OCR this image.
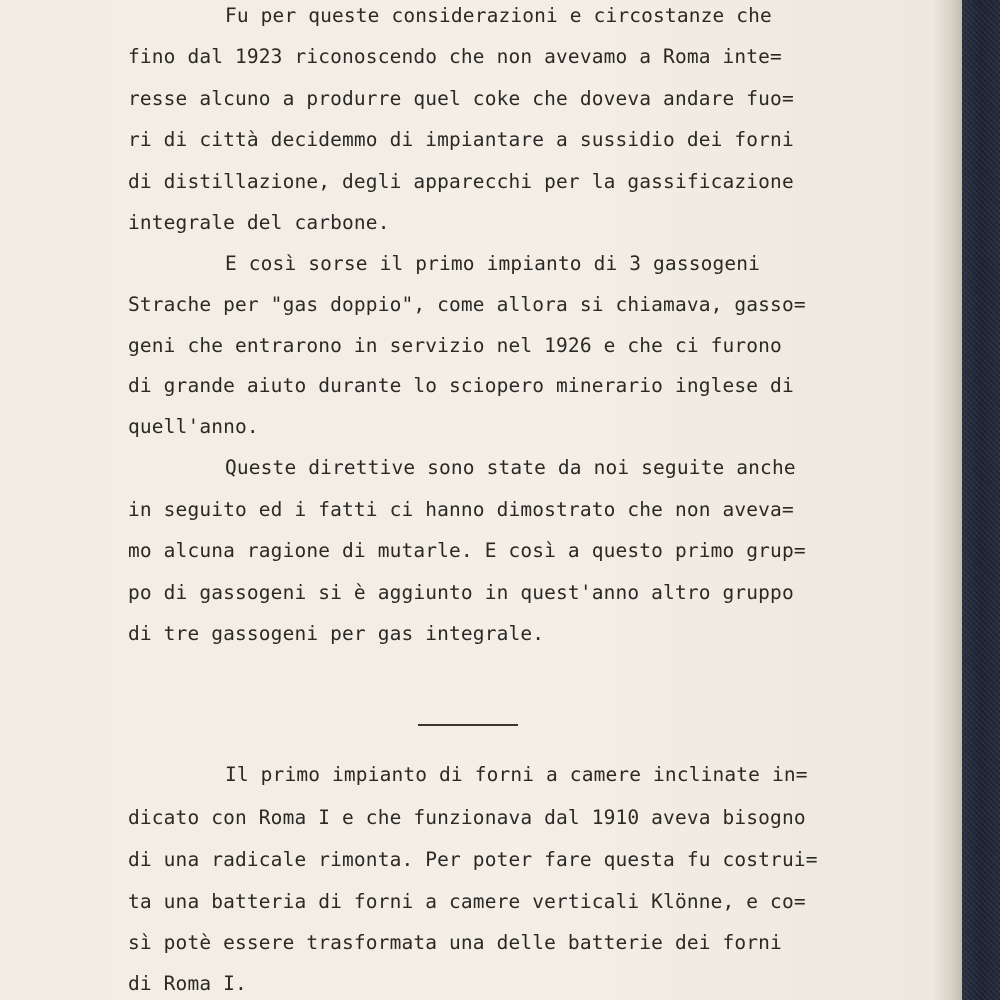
Fu per queste considerazioni e circostanze che

fino dal 1923 riconoscendo che non avevamo a Roma inte=

resse alcuno a produrre quel coke che doveva andare fuo=

ri di città decidemmo di impiantare a sussidio dei forni

di distillazione, degli apparecchi per la gassificazione

integrale del carbone.

E così sorse il primo impianto di 3 gassogeni

Strache per "gas doppio", come allora si chiamava, gasso=

geni che entrarono in servizio nel 1926 e che ci furono

di grande aiuto durante lo sciopero minerario inglese di

quell'anno.

Queste direttive sono state da noi seguite anche

in seguito ed i fatti ci hanno dimostrato che non aveva=

mo alcuna ragione di mutarle. E così a questo primo grup=

po di gassogeni si è aggiunto in quest'anno altro gruppo

di tre gassogeni per gas integrale.

Il primo impianto di forni a camere inclinate in=

dicato con Roma I e che funzionava dal 1910 aveva bisogno

di una radicale rimonta. Per poter fare questa fu costrui=

ta una batteria di forni a camere verticali Klönne, e co=

sì potè essere trasformata una delle batterie dei forni

di Roma I.
